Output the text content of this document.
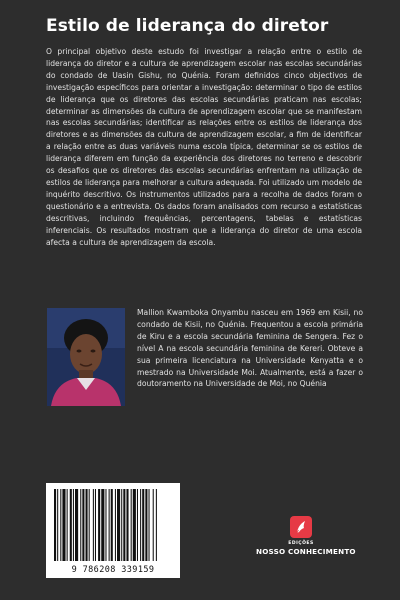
Estilo de liderança do diretor
O principal objetivo deste estudo foi investigar a relação entre o estilo de liderança do diretor e a cultura de aprendizagem escolar nas escolas secundárias do condado de Uasin Gishu, no Quénia. Foram definidos cinco objectivos de investigação específicos para orientar a investigação: determinar o tipo de estilos de liderança que os diretores das escolas secundárias praticam nas escolas; determinar as dimensões da cultura de aprendizagem escolar que se manifestam nas escolas secundárias; identificar as relações entre os estilos de liderança dos diretores e as dimensões da cultura de aprendizagem escolar, a fim de identificar a relação entre as duas variáveis numa escola típica, determinar se os estilos de liderança diferem em função da experiência dos diretores no terreno e descobrir os desafios que os diretores das escolas secundárias enfrentam na utilização de estilos de liderança para melhorar a cultura adequada. Foi utilizado um modelo de inquérito descritivo. Os instrumentos utilizados para a recolha de dados foram o questionário e a entrevista. Os dados foram analisados com recurso a estatísticas descritivas, incluindo frequências, percentagens, tabelas e estatísticas inferenciais. Os resultados mostram que a liderança do diretor de uma escola afecta a cultura de aprendizagem da escola.
Mallion Kwamboka Onyambu nasceu em 1969 em Kisii, no condado de Kisii, no Quénia. Frequentou a escola primária de Kiru e a escola secundária feminina de Sengera. Fez o nível A na escola secundária feminina de Kereri. Obteve a sua primeira licenciatura na Universidade Kenyatta e o mestrado na Universidade Moi. Atualmente, está a fazer o doutoramento na Universidade de Moi, no Quénia
9 786208 339159
EDIÇÕES
NOSSO CONHECIMENTO
